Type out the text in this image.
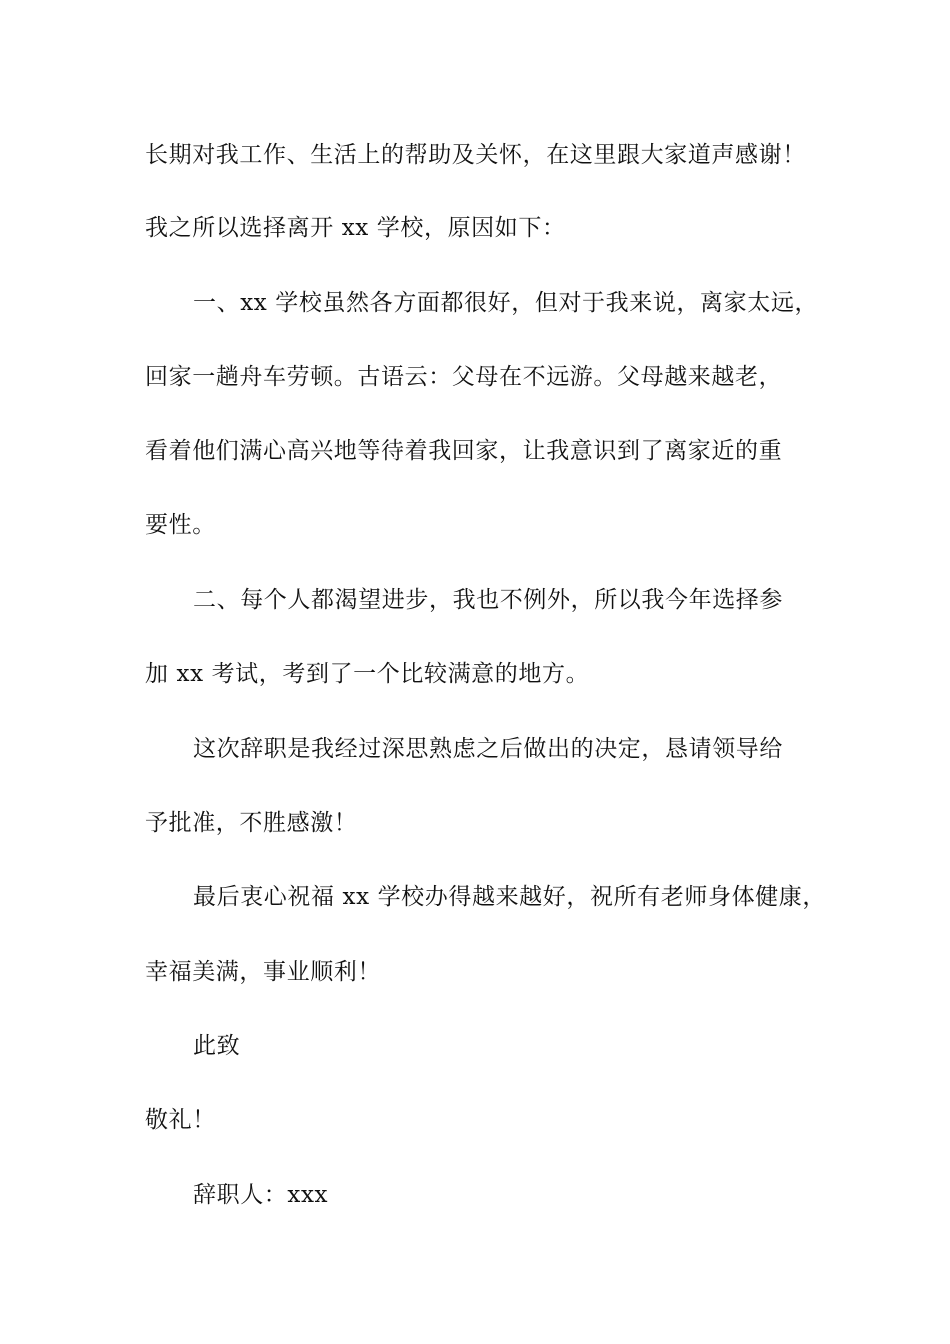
长期对我工作、生活上的帮助及关怀，在这里跟大家道声感谢！
我之所以选择离开 xx 学校，原因如下：
一、xx 学校虽然各方面都很好，但对于我来说，离家太远，
回家一趟舟车劳顿。古语云：父母在不远游。父母越来越老，
看着他们满心高兴地等待着我回家，让我意识到了离家近的重
要性。
二、每个人都渴望进步，我也不例外，所以我今年选择参
加 xx 考试，考到了一个比较满意的地方。
这次辞职是我经过深思熟虑之后做出的决定，恳请领导给
予批准，不胜感激！
最后衷心祝福 xx 学校办得越来越好，祝所有老师身体健康，
幸福美满，事业顺利！
此致
敬礼！
辞职人：xxx
